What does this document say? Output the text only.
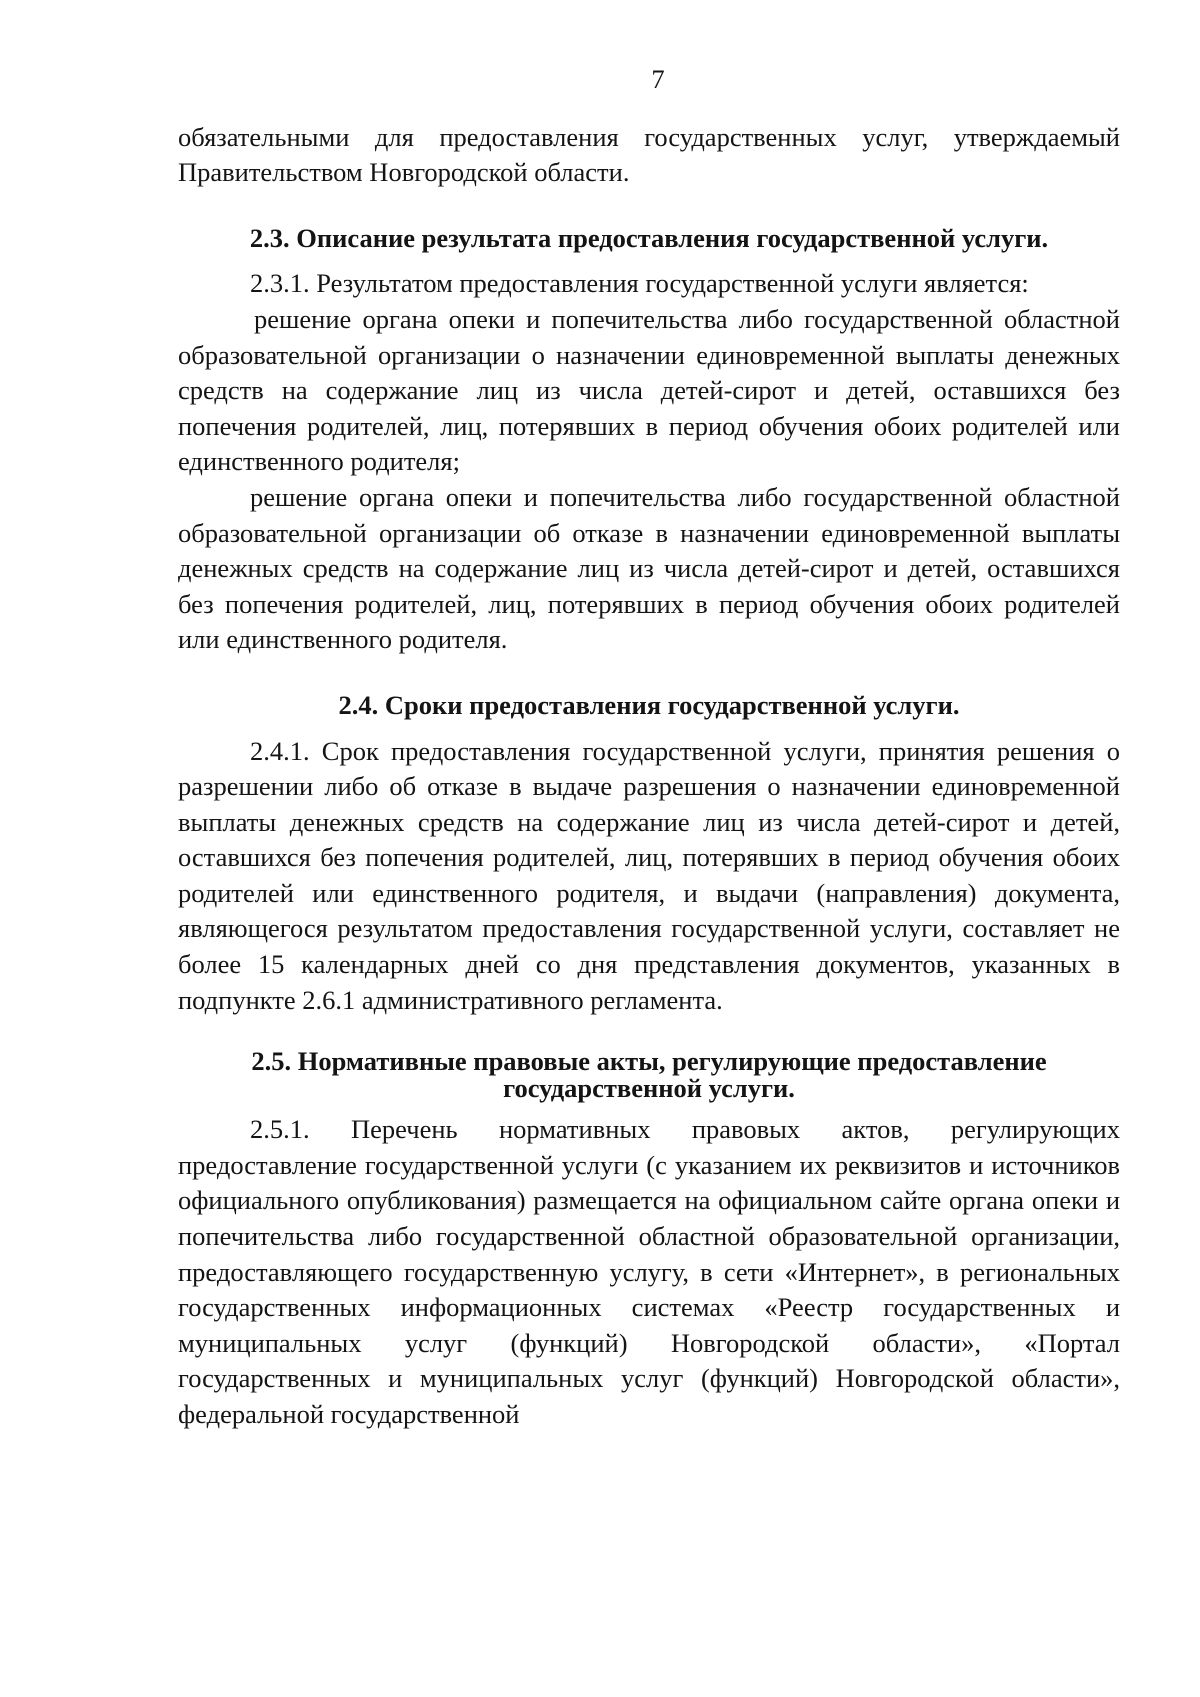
7

обязательными для предоставления государственных услуг, утверждаемый Правительством Новгородской области.

2.3. Описание результата предоставления государственной услуги.

2.3.1. Результатом предоставления государственной услуги является:

решение органа опеки и попечительства либо государственной областной образовательной организации о назначении единовременной выплаты денежных средств на содержание лиц из числа детей-сирот и детей, оставшихся без попечения родителей, лиц, потерявших в период обучения обоих родителей или единственного родителя;

решение органа опеки и попечительства либо государственной областной образовательной организации об отказе в назначении единовременной выплаты денежных средств на содержание лиц из числа детей-сирот и детей, оставшихся без попечения родителей, лиц, потерявших в период обучения обоих родителей или единственного родителя.

2.4. Сроки предоставления государственной услуги.

2.4.1. Срок предоставления государственной услуги, принятия решения о разрешении либо об отказе в выдаче разрешения о назначении единовременной выплаты денежных средств на содержание лиц из числа детей-сирот и детей, оставшихся без попечения родителей, лиц, потерявших в период обучения обоих родителей или единственного родителя, и выдачи (направления) документа, являющегося результатом предоставления государственной услуги, составляет не более 15 календарных дней со дня представления документов, указанных в подпункте 2.6.1 административного регламента.

2.5. Нормативные правовые акты, регулирующие предоставление
государственной услуги.

2.5.1. Перечень нормативных правовых актов, регулирующих предоставление государственной услуги (с указанием их реквизитов и источников официального опубликования) размещается на официальном сайте органа опеки и попечительства либо государственной областной образовательной организации, предоставляющего государственную услугу, в сети «Интернет», в региональных государственных информационных системах «Реестр государственных и муниципальных услуг (функций) Новгородской области», «Портал государственных и муниципальных услуг (функций) Новгородской области», федеральной государственной
